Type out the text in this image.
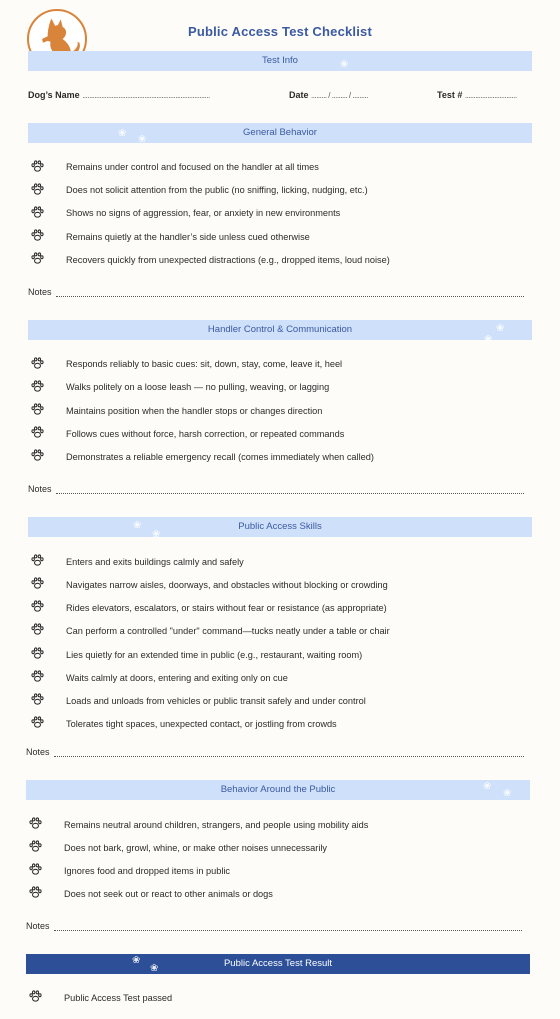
Public Access Test Checklist
Test Info	❀
Dog’s Name ..........................................................................	Date ......... / ......... / .........	Test # ..............................
General Behavior
❀
❀
Remains under control and focused on the handler at all times
Does not solicit attention from the public (no sniffing, licking, nudging, etc.)
Shows no signs of aggression, fear, or anxiety in new environments
Remains quietly at the handler’s side unless cued otherwise
Recovers quickly from unexpected distractions (e.g., dropped items, loud noise)
Notes
Handler Control & Communication	❀
❀
Responds reliably to basic cues: sit, down, stay, come, leave it, heel
Walks politely on a loose leash — no pulling, weaving, or lagging
Maintains position when the handler stops or changes direction
Follows cues without force, harsh correction, or repeated commands
Demonstrates a reliable emergency recall (comes immediately when called)
Notes
Public Access Skills
❀
❀
Enters and exits buildings calmly and safely
Navigates narrow aisles, doorways, and obstacles without blocking or crowding
Rides elevators, escalators, or stairs without fear or resistance (as appropriate)
Can perform a controlled "under" command—tucks neatly under a table or chair
Lies quietly for an extended time in public (e.g., restaurant, waiting room)
Waits calmly at doors, entering and exiting only on cue
Loads and unloads from vehicles or public transit safely and under control
Tolerates tight spaces, unexpected contact, or jostling from crowds
Notes
Behavior Around the Public	❀
❀
Remains neutral around children, strangers, and people using mobility aids
Does not bark, growl, whine, or make other noises unnecessarily
Ignores food and dropped items in public
Does not seek out or react to other animals or dogs
Notes
Public Access Test Result
❀
❀
Public Access Test passed
